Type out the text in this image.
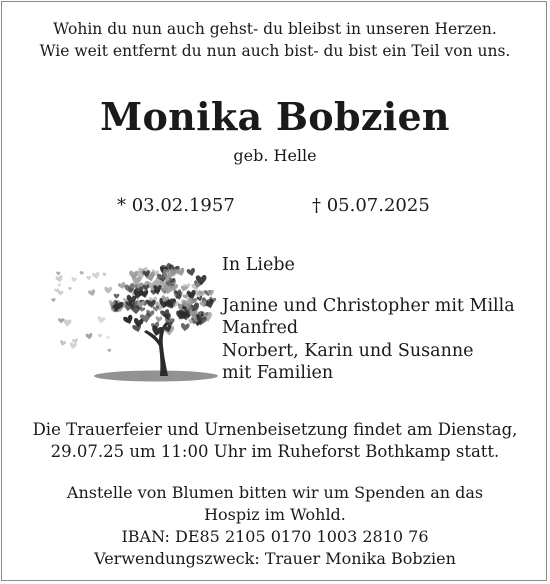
Wohin du nun auch gehst- du bleibst in unseren Herzen.
Wie weit entfernt du nun auch bist- du bist ein Teil von uns.
Monika Bobzien
geb. Helle
* 03.02.1957	† 05.07.2025
In Liebe
Janine und Christopher mit Milla
Manfred
Norbert, Karin und Susanne
mit Familien
Die Trauerfeier und Urnenbeisetzung findet am Dienstag,
29.07.25 um 11:00 Uhr im Ruheforst Bothkamp statt.
Anstelle von Blumen bitten wir um Spenden an das
Hospiz im Wohld.
IBAN: DE85 2105 0170 1003 2810 76
Verwendungszweck: Trauer Monika Bobzien
